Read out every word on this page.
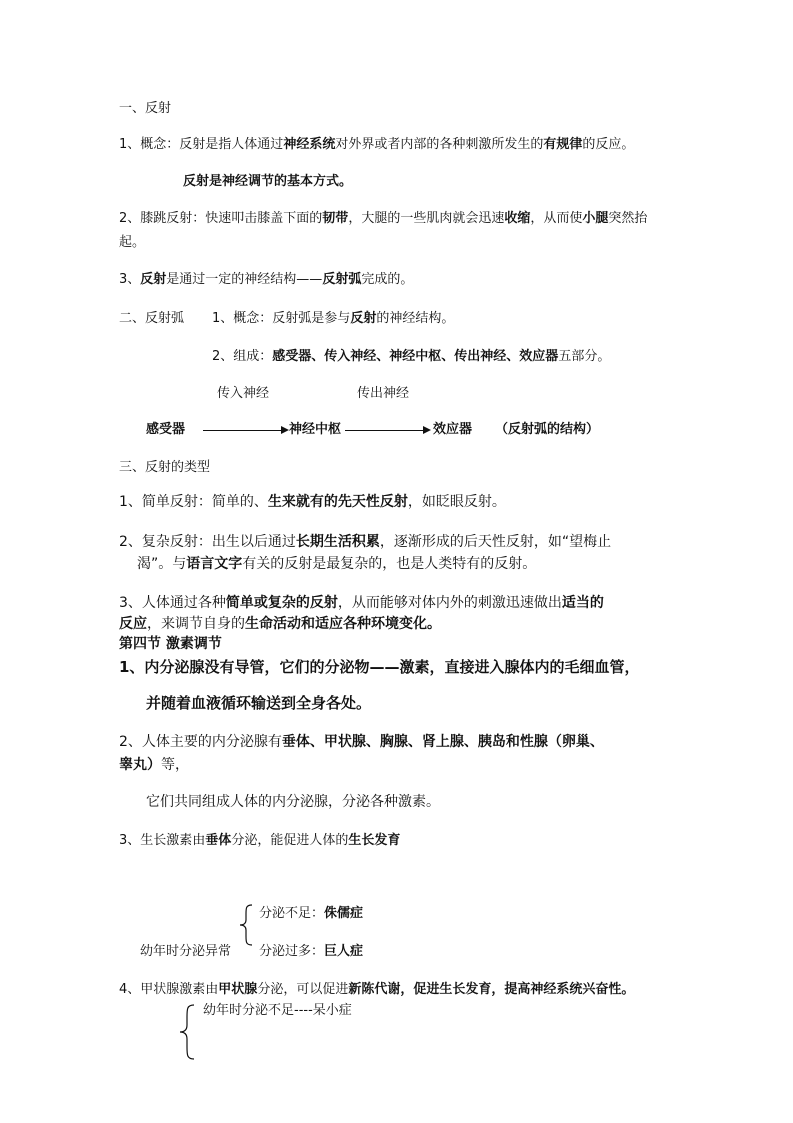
一、反射
1、概念：反射是指人体通过神经系统对外界或者内部的各种刺激所发生的有规律的反应。
反射是神经调节的基本方式。
2、膝跳反射：快速叩击膝盖下面的韧带，大腿的一些肌肉就会迅速收缩，从而使小腿突然抬
起。
3、反射是通过一定的神经结构——反射弧完成的。
二、反射弧 1、概念：反射弧是参与反射的神经结构。
2、组成：感受器、传入神经、神经中枢、传出神经、效应器五部分。
传入神经	传出神经
感受器	神经中枢	效应器 （反射弧的结构）
三、反射的类型
1、简单反射：简单的、生来就有的先天性反射，如眨眼反射。
2、复杂反射：出生以后通过长期生活积累，逐渐形成的后天性反射，如“望梅止
渴”。与语言文字有关的反射是最复杂的，也是人类特有的反射。
3、人体通过各种简单或复杂的反射，从而能够对体内外的刺激迅速做出适当的
反应，来调节自身的生命活动和适应各种环境变化。
第四节 激素调节
1、内分泌腺没有导管，它们的分泌物——激素，直接进入腺体内的毛细血管，
并随着血液循环输送到全身各处。
2、人体主要的内分泌腺有垂体、甲状腺、胸腺、肾上腺、胰岛和性腺（卵巢、
睾丸）等，
它们共同组成人体的内分泌腺，分泌各种激素。
3、生长激素由垂体分泌，能促进人体的生长发育
分泌不足：侏儒症
幼年时分泌异常 分泌过多：巨人症
4、甲状腺激素由甲状腺分泌，可以促进新陈代谢，促进生长发育，提高神经系统兴奋性。
幼年时分泌不足----呆小症
